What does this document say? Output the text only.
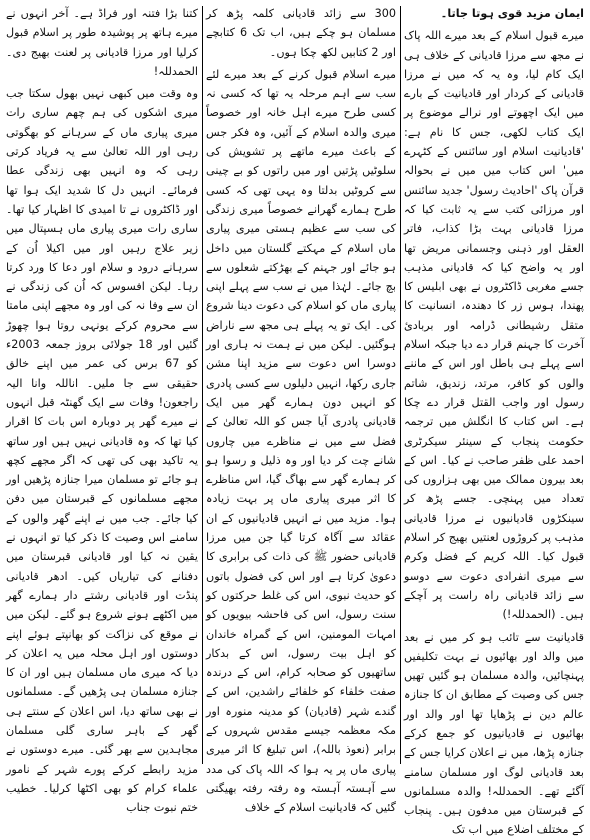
ایمان مزید قوی ہوتا جاتا۔

میرے قبول اسلام کے بعد میرے اللہ پاک نے مجھ سے مرزا قادیانی کے خلاف ہی ایک کام لیا، وہ یہ کہ میں نے مرزا قادیانی کے کردار اور قادیانیت کے بارے میں ایک اچھوتے اور نرالے موضوع پر ایک کتاب لکھی، جس کا نام ہے: 'قادیانیت اسلام اور سائنس کے کٹہرے میں' اس کتاب میں میں نے بحوالہ قرآن پاک 'احادیث رسول' جدید سائنس اور مرزائی کتب سے یہ ثابت کیا کہ مرزا قادیانی بہت بڑا کذاب، فاتر العقل اور ذہنی وجسمانی مریض تھا اور یہ واضح کیا کہ قادیانی مذہب جسے مغربی ڈاکٹروں نے بھی ابلیس کا پھندا، ہوس زر کا دھندہ، انسانیت کا متقل رشیطانی ڈرامہ اور بربادیٔ آخرت کا جہنم قرار دے دیا جبکہ اسلام اسے پہلے ہی باطل اور اس کے ماننے والوں کو کافر، مرتد، زندیق، شاتم رسول اور واجب القتل قرار دے چکا ہے۔ اس کتاب کا انگلش میں ترجمہ حکومت پنجاب کے سینئر سیکرٹری احمد علی ظفر صاحب نے کیا۔ اس کے بعد بیرون ممالک میں بھی ہزاروں کی تعداد میں پہنچی۔ جسے پڑھ کر سینکڑوں قادیانیوں نے مرزا قادیانی مذہب پر کروڑوں لعنتیں بھیج کر اسلام قبول کیا۔ اللہ کریم کے فضل وکرم سے میری انفرادی دعوت سے دوسو سے زائد قادیانی راہ راست پر آچکے ہیں۔ (الحمدللہ!)

قادیانیت سے تائب ہو کر میں نے بعد میں والد اور بھائیوں نے بہت تکلیفیں پہنچائیں، والدہ مسلمان ہو گئیں تھیں جس کی وصیت کے مطابق ان کا جنازہ عالم دین نے پڑھایا تھا اور والد اور بھائیوں نے قادیانیوں کو جمع کرکے جنازہ پڑھا، میں نے اعلان کرایا جس کے بعد قادیانی لوگ اور مسلمان سامنے آگئے تھے۔ الحمدللہ! والدہ مسلمانوں کے قبرستان میں مدفون ہیں۔ پنجاب کے مختلف اضلاع میں اب تک

300 سے زائد قادیانی کلمہ پڑھ کر مسلمان ہو چکے ہیں، اب تک 6 کتابچے اور 2 کتابیں لکھ چکا ہوں۔

میرے اسلام قبول کرنے کے بعد میرے لئے سب سے اہم مرحلہ یہ تھا کہ کسی نہ کسی طرح میرے اہل خانہ اور خصوصاً میری والدہ اسلام کے آئیں، وہ فکر جس کے باعث میرے ماتھے پر تشویش کی سلوٹیں پڑتیں اور میں راتوں کو بے چینی سے کروٹیں بدلتا وہ یہی تھی کہ کسی طرح ہمارے گھرانے خصوصاً میری زندگی کی سب سے عظیم ہستی میری پیاری ماں اسلام کے مہکتے گلستان میں داخل ہو جائے اور جہنم کے بھڑکتے شعلوں سے بچ جائے۔ لہٰذا میں نے سب سے پہلے اپنی پیاری ماں کو اسلام کی دعوت دینا شروع کی۔ ایک تو یہ پہلے ہی مجھ سے ناراض ہوگئیں۔ لیکن میں نے ہمت نہ ہاری اور دوسرا اس دعوت سے مزید اپنا مشن جاری رکھا، انہیں دلیلوں سے کسی پادری کو انہیں دون ہمارے گھر میں ایک قادیانی پادری آیا جس کو اللہ تعالیٰ کے فضل سے میں نے مناظرے میں چاروں شانے چت کر دیا اور وہ ذلیل و رسوا ہو کر ہمارے گھر سے بھاگ گیا، اس مناظرے کا اثر میری پیاری ماں پر بہت زیادہ ہوا۔ مزید میں نے انہیں قادیانیوں کے ان عقائد سے آگاہ کرتا گیا جن میں مرزا قادیانی حضور ﷺ کی ذات کی برابری کا دعویٰ کرتا ہے اور اس کی فضول باتوں کو حدیث نبوی، اس کی غلط حرکتوں کو سنت رسول، اس کی فاحشہ بیویوں کو امہات المومنین، اس کے گمراہ خاندان کو اہل بیت رسول، اس کے بدکار ساتھیوں کو صحابہ کرام، اس کے درندہ صفت خلفاء کو خلفائے راشدین، اس کے گندے شہر (قادیان) کو مدینہ منورہ اور مکہ معظمہ جیسے مقدس شہروں کے برابر (نعوذ باللہ)، اس تبلیغ کا اثر میری پیاری ماں پر یہ ہوا کہ اللہ پاک کی مدد سے آہستہ آہستہ وہ رفتہ رفتہ بھیگتی گئیں کہ قادیانیت اسلام کے خلاف

کتنا بڑا فتنہ اور فراڈ ہے۔ آخر انہوں نے میرے ہاتھ پر پوشیدہ طور پر اسلام قبول کرلیا اور مرزا قادیانی پر لعنت بھیج دی۔ الحمدللہ!

وہ وقت میں کبھی نہیں بھول سکتا جب میری اشکوں کی ہم چھم ساری رات میری پیاری ماں کے سرہانے کو بھگوتی رہی اور اللہ تعالیٰ سے یہ فریاد کرتی رہی کہ وہ انہیں بھی زندگی عطا فرمائے۔ انہیں دل کا شدید ایک ہوا تھا اور ڈاکٹروں نے تا امیدی کا اظہار کیا تھا۔ ساری رات میری پیاری ماں ہسپتال میں زیر علاج رہیں اور میں اکیلا اُن کے سرہانے درود و سلام اور دعا کا ورد کرتا رہا۔ لیکن افسوس کہ اُن کی زندگی نے ان سے وفا نہ کی اور وہ مجھے اپنی مامتا سے محروم کرکے یونہی روتا ہوا چھوڑ گئیں اور 18 جولائی بروز جمعہ 2003ء کو 67 برس کی عمر میں اپنے خالق حقیقی سے جا ملیں۔ اناللہ وانا الیہ راجعون! وفات سے ایک گھنٹہ قبل انہوں نے میرے گھر پر دوبارہ اس بات کا اقرار کیا تھا کہ وہ قادیانی نہیں ہیں اور ساتھ یہ تاکید بھی کی تھی کہ اگر مجھے کچھ ہو جائے تو مسلمان میرا جنازہ پڑھیں اور مجھے مسلمانوں کے قبرستان میں دفن کیا جائے۔ جب میں نے اپنے گھر والوں کے سامنے اس وصیت کا ذکر کیا تو انہوں نے یقین نہ کیا اور قادیانی قبرستان میں دفنانے کی تیاریاں کیں۔ ادھر قادیانی پنڈت اور قادیانی رشتے دار ہمارے گھر میں اکٹھے ہونے شروع ہو گئے۔ لیکن میں نے موقع کی نزاکت کو بھانپتے ہوئے اپنے دوستوں اور اہل محلہ میں یہ اعلان کر دیا کہ میری ماں مسلمان ہیں اور ان کا جنازہ مسلمان ہی پڑھیں گے۔ مسلمانوں نے بھی ساتھ دیا، اس اعلان کے سنتے ہی گھر کے باہر ساری گلی مسلمان مجاہدین سے بھر گئی۔ میرے دوستوں نے مزید رابطے کرکے پورے شہر کے نامور علماء کرام کو بھی اکٹھا کرلیا۔ خطیب ختم نبوت جناب
